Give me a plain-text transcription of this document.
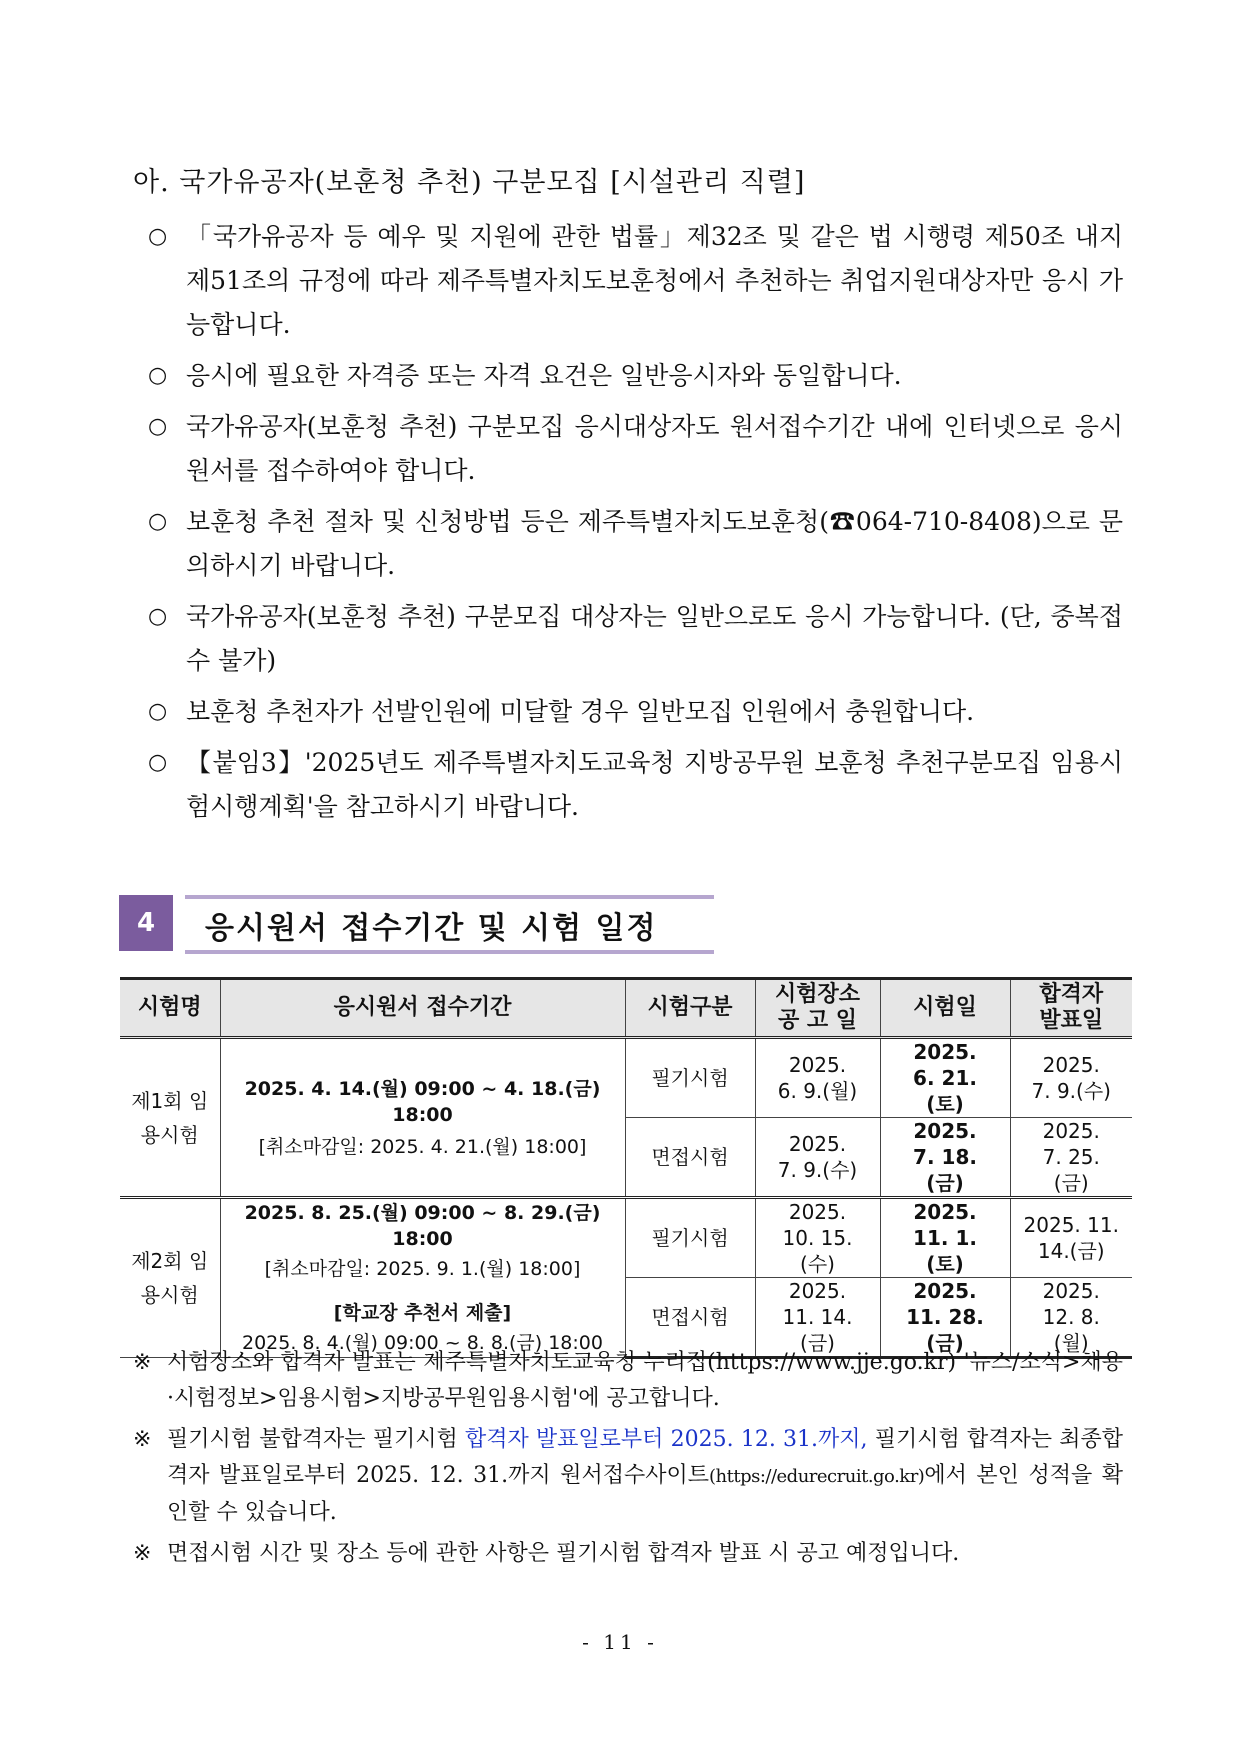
아. 국가유공자(보훈청 추천) 구분모집 [시설관리 직렬]
○ 「국가유공자 등 예우 및 지원에 관한 법률」제32조 및 같은 법 시행령 제50조 내지 제51조의 규정에 따라 제주특별자치도보훈청에서 추천하는 취업지원대상자만 응시 가능합니다.
○ 응시에 필요한 자격증 또는 자격 요건은 일반응시자와 동일합니다.
○ 국가유공자(보훈청 추천) 구분모집 응시대상자도 원서접수기간 내에 인터넷으로 응시원서를 접수하여야 합니다.
○ 보훈청 추천 절차 및 신청방법 등은 제주특별자치도보훈청(☎064-710-8408)으로 문의하시기 바랍니다.
○ 국가유공자(보훈청 추천) 구분모집 대상자는 일반으로도 응시 가능합니다. (단, 중복접수 불가)
○ 보훈청 추천자가 선발인원에 미달할 경우 일반모집 인원에서 충원합니다.
○ 【붙임3】'2025년도 제주특별자치도교육청 지방공무원 보훈청 추천구분모집 임용시험시행계획'을 참고하시기 바랍니다.
4	응시원서 접수기간 및 시험 일정
시험명	응시원서 접수기간	시험구분	시험장소 공 고 일	시험일	합격자 발표일

제1회 임용시험	2025. 4. 14.(월) 09:00 ~ 4. 18.(금) 18:00
[취소마감일: 2025. 4. 21.(월) 18:00]	필기시험	2025. 6. 9.(월)	2025. 6. 21.(토)	2025. 7. 9.(수)

		면접시험	2025. 7. 9.(수)	2025. 7. 18.(금)	2025. 7. 25.(금)

제2회 임용시험	2025. 8. 25.(월) 09:00 ~ 8. 29.(금) 18:00
[취소마감일: 2025. 9. 1.(월) 18:00]
[학교장 추천서 제출]
2025. 8. 4.(월) 09:00 ~ 8. 8.(금) 18:00	필기시험	2025. 10. 15.(수)	2025. 11. 1.(토)	2025. 11. 14.(금)

		면접시험	2025. 11. 14.(금)	2025. 11. 28.(금)	2025. 12. 8.(월)
※ 시험장소와 합격자 발표는 제주특별자치도교육청 누리집(https://www.jje.go.kr) '뉴스/소식>채용·시험정보>임용시험>지방공무원임용시험'에 공고합니다.
※ 필기시험 불합격자는 필기시험 합격자 발표일로부터 2025. 12. 31.까지, 필기시험 합격자는 최종합격자 발표일로부터 2025. 12. 31.까지 원서접수사이트(https://edurecruit.go.kr)에서 본인 성적을 확인할 수 있습니다.
※ 면접시험 시간 및 장소 등에 관한 사항은 필기시험 합격자 발표 시 공고 예정입니다.
- 11 -
